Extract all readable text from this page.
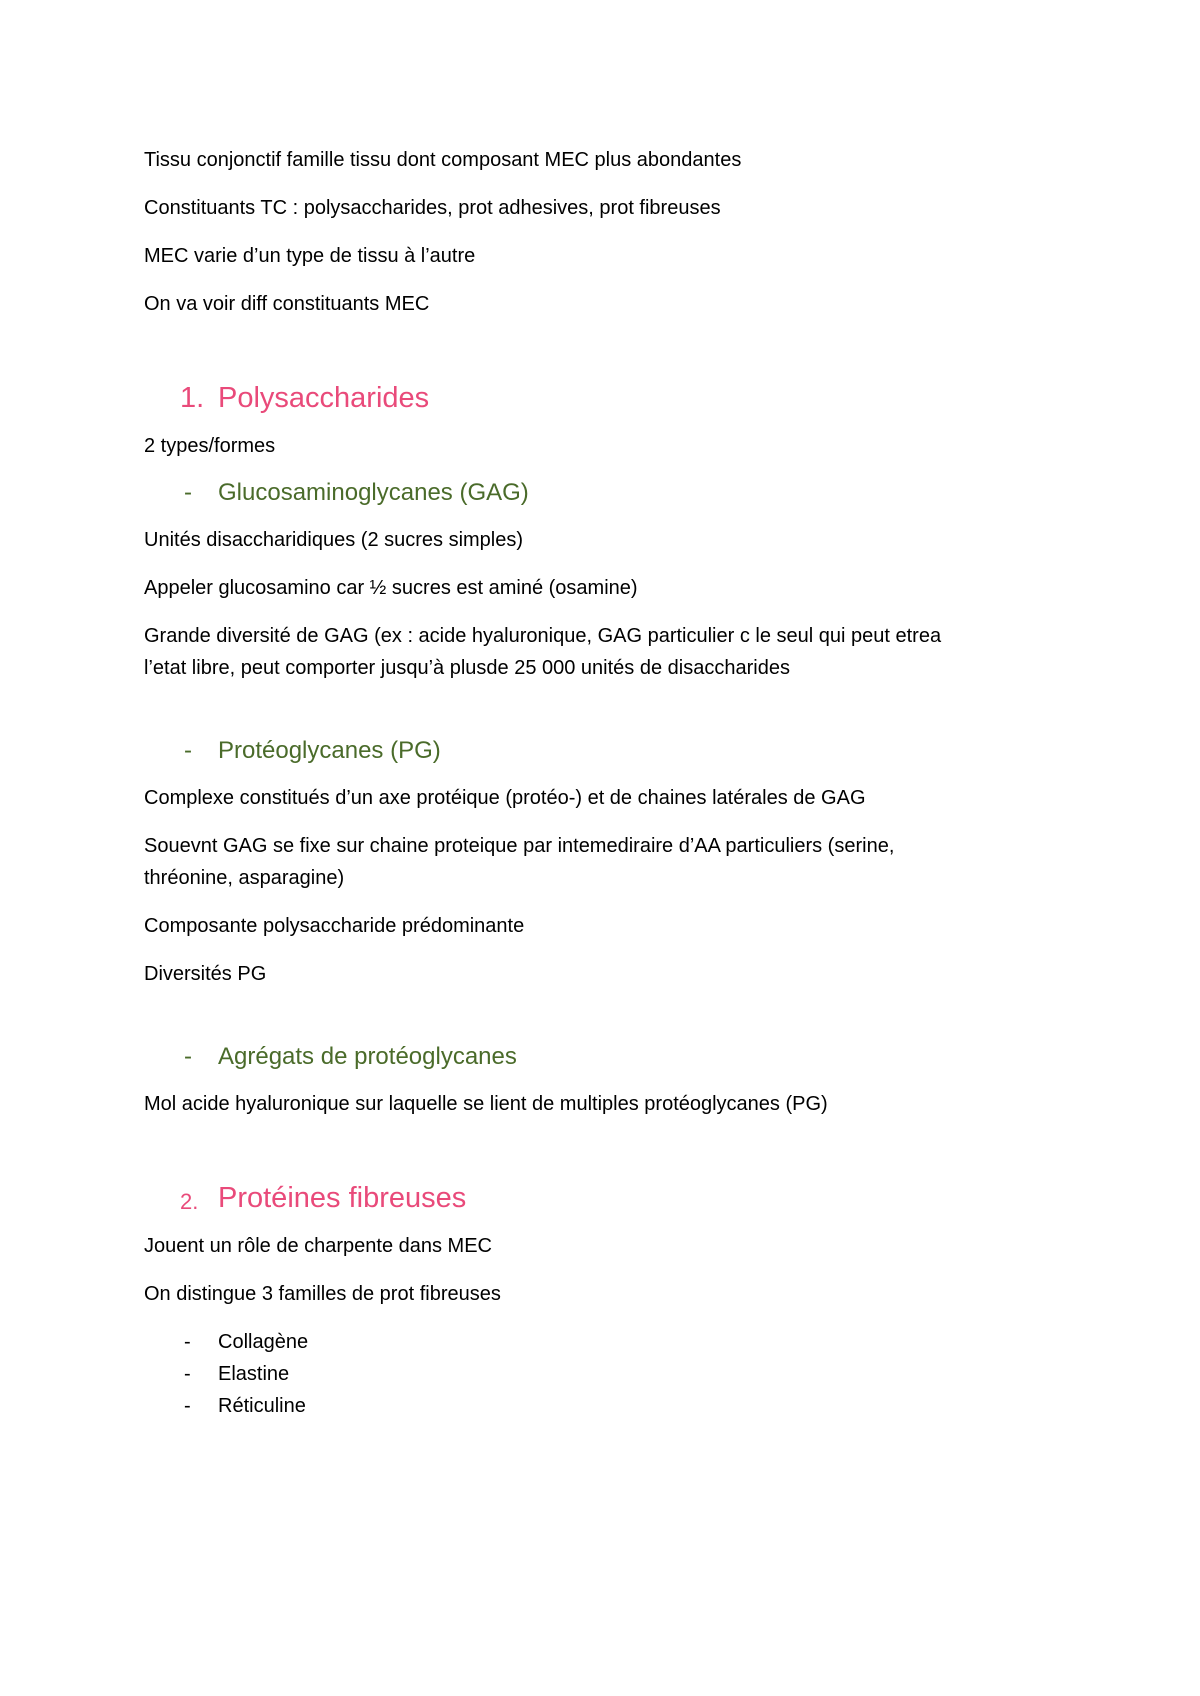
Tissu conjonctif famille tissu dont composant MEC plus abondantes

Constituants TC : polysaccharides, prot adhesives, prot fibreuses

MEC varie d’un type de tissu à l’autre

On va voir diff constituants MEC

1. Polysaccharides

2 types/formes

- Glucosaminoglycanes (GAG)

Unités disaccharidiques (2 sucres simples)

Appeler glucosamino car ½ sucres est aminé (osamine)

Grande diversité de GAG (ex : acide hyaluronique, GAG particulier c le seul qui peut etrea

l’etat libre, peut comporter jusqu’à plusde 25 000 unités de disaccharides

- Protéoglycanes (PG)

Complexe constitués d’un axe protéique (protéo-) et de chaines latérales de GAG

Souevnt GAG se fixe sur chaine proteique par intemediraire d’AA particuliers (serine,

thréonine, asparagine)

Composante polysaccharide prédominante

Diversités PG

- Agrégats de protéoglycanes

Mol acide hyaluronique sur laquelle se lient de multiples protéoglycanes (PG)

2. Protéines fibreuses

Jouent un rôle de charpente dans MEC

On distingue 3 familles de prot fibreuses

- Collagène
- Elastine
- Réticuline
